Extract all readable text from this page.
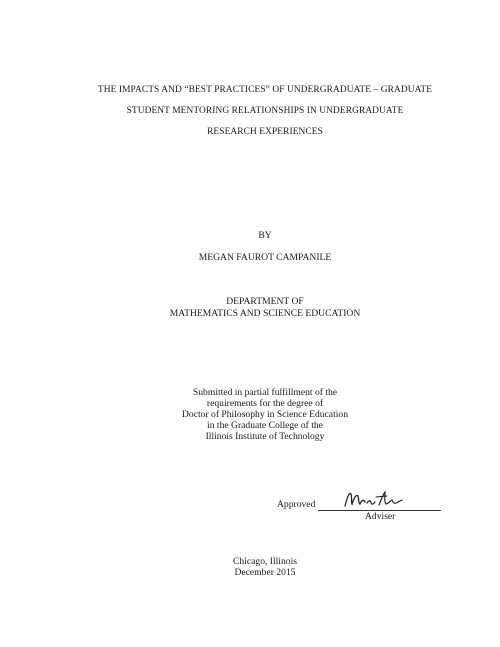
THE IMPACTS AND “BEST PRACTICES” OF UNDERGRADUATE – GRADUATE
STUDENT MENTORING RELATIONSHIPS IN UNDERGRADUATE
RESEARCH EXPERIENCES
BY
MEGAN FAUROT CAMPANILE
DEPARTMENT OF
MATHEMATICS AND SCIENCE EDUCATION
Submitted in partial fulfillment of the
requirements for the degree of
Doctor of Philosophy in Science Education
in the Graduate College of the
Illinois Institute of Technology
Approved
Adviser
Chicago, Illinois
December 2015
